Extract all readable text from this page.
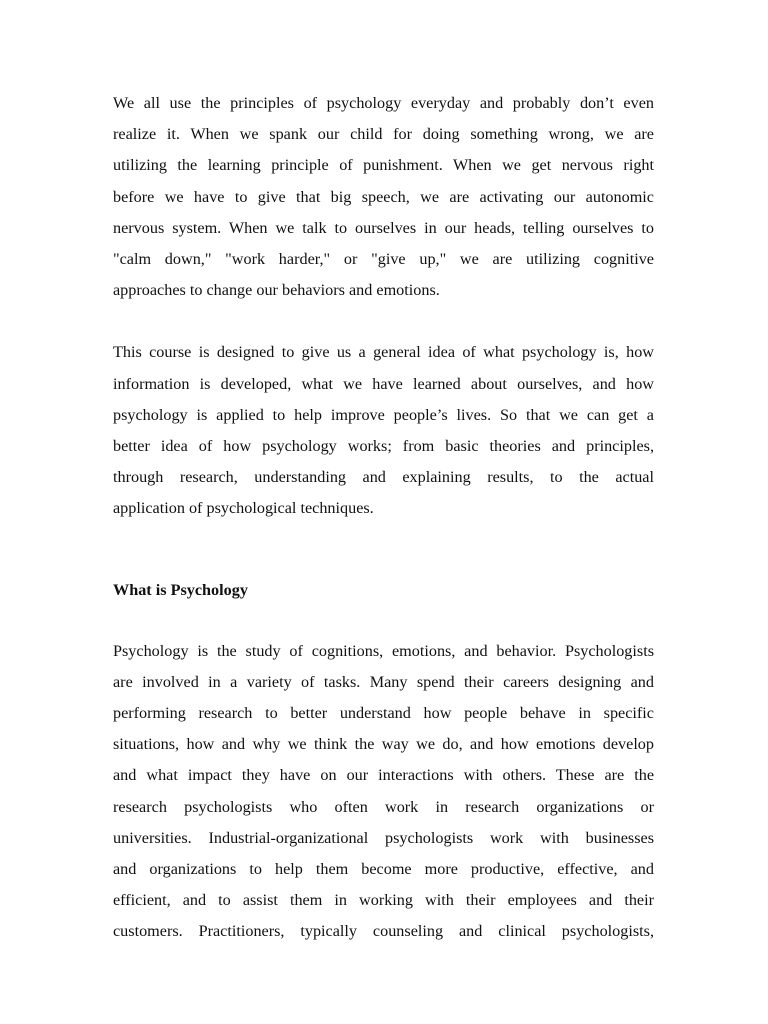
We all use the principles of psychology everyday and probably don’t even
realize it. When we spank our child for doing something wrong, we are
utilizing the learning principle of punishment. When we get nervous right
before we have to give that big speech, we are activating our autonomic
nervous system. When we talk to ourselves in our heads, telling ourselves to
"calm down," "work harder," or "give up," we are utilizing cognitive
approaches to change our behaviors and emotions.

This course is designed to give us a general idea of what psychology is, how
information is developed, what we have learned about ourselves, and how
psychology is applied to help improve people’s lives. So that we can get a
better idea of how psychology works; from basic theories and principles,
through research, understanding and explaining results, to the actual
application of psychological techniques.

What is Psychology

Psychology is the study of cognitions, emotions, and behavior. Psychologists
are involved in a variety of tasks. Many spend their careers designing and
performing research to better understand how people behave in specific
situations, how and why we think the way we do, and how emotions develop
and what impact they have on our interactions with others. These are the
research psychologists who often work in research organizations or
universities. Industrial-organizational psychologists work with businesses
and organizations to help them become more productive, effective, and
efficient, and to assist them in working with their employees and their
customers. Practitioners, typically counseling and clinical psychologists,
